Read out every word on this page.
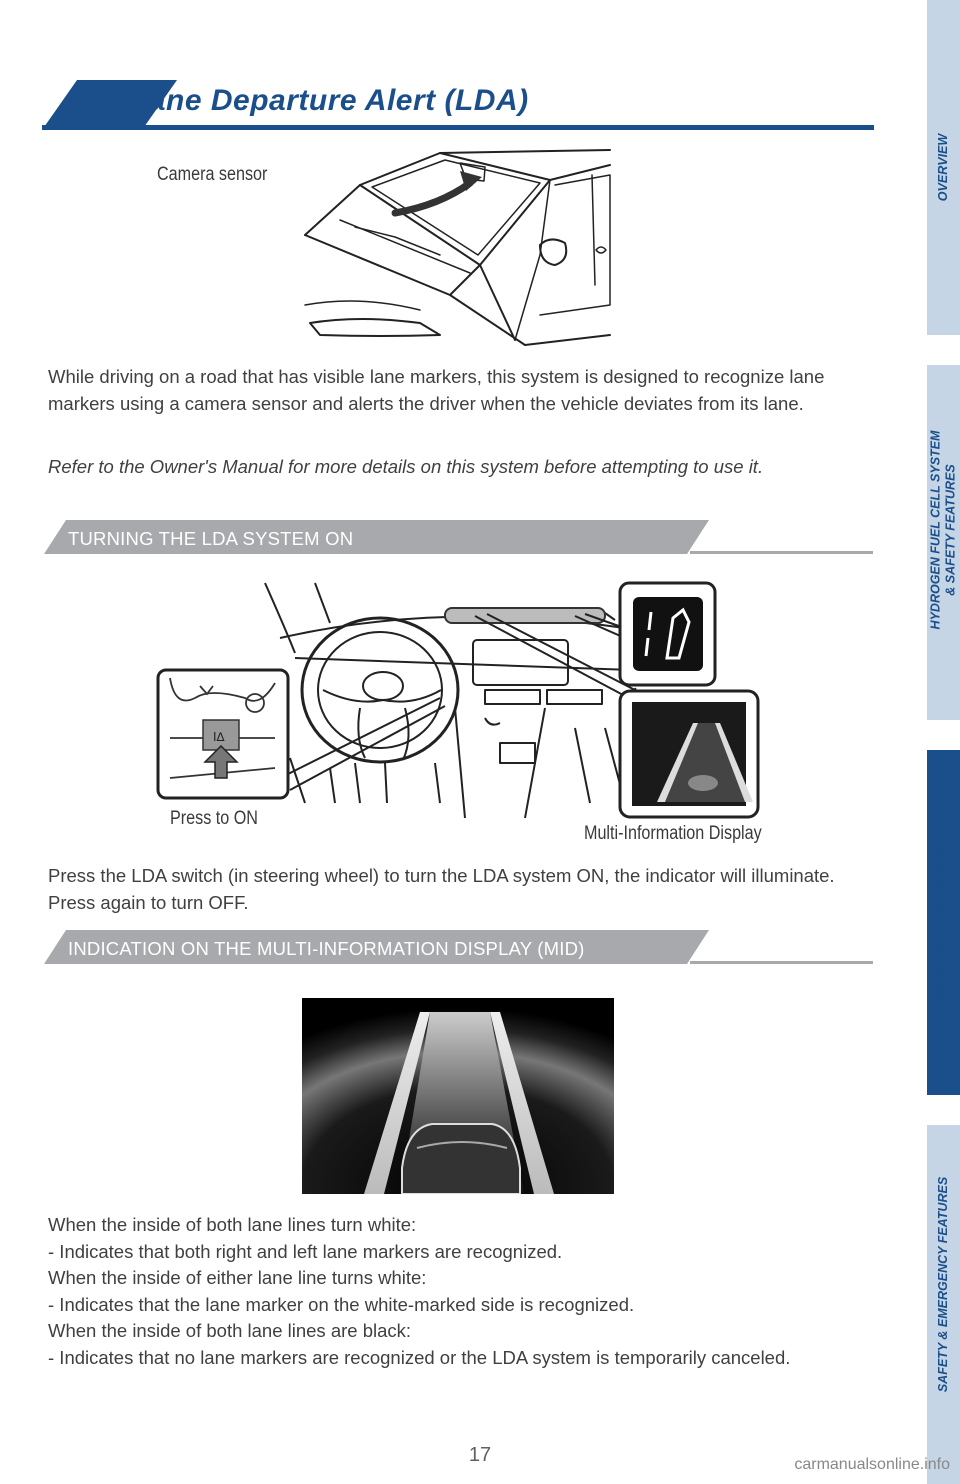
Lane Departure Alert (LDA)
Camera sensor
While driving on a road that has visible lane markers, this system is designed to recognize lane markers using a camera sensor and alerts the driver when the vehicle deviates from its lane.
Refer to the Owner's Manual for more details on this system before attempting to use it.
TURNING THE LDA SYSTEM ON
I∆
Press to ON
Multi-Information Display
Press the LDA switch (in steering wheel) to turn the LDA system ON, the indicator will illuminate. Press again to turn OFF.
INDICATION ON THE MULTI-INFORMATION DISPLAY (MID)
When the inside of both lane lines turn white:
- Indicates that both right and left lane markers are recognized.
When the inside of either lane line turns white:
- Indicates that the lane marker on the white-marked side is recognized.
When the inside of both lane lines are black:
- Indicates that no lane markers are recognized or the LDA system is temporarily canceled.
OVERVIEW
HYDROGEN FUEL CELL SYSTEM & SAFETY FEATURES
FEATURES & OPERATIONS
SAFETY & EMERGENCY FEATURES
17	carmanualsonline.info
